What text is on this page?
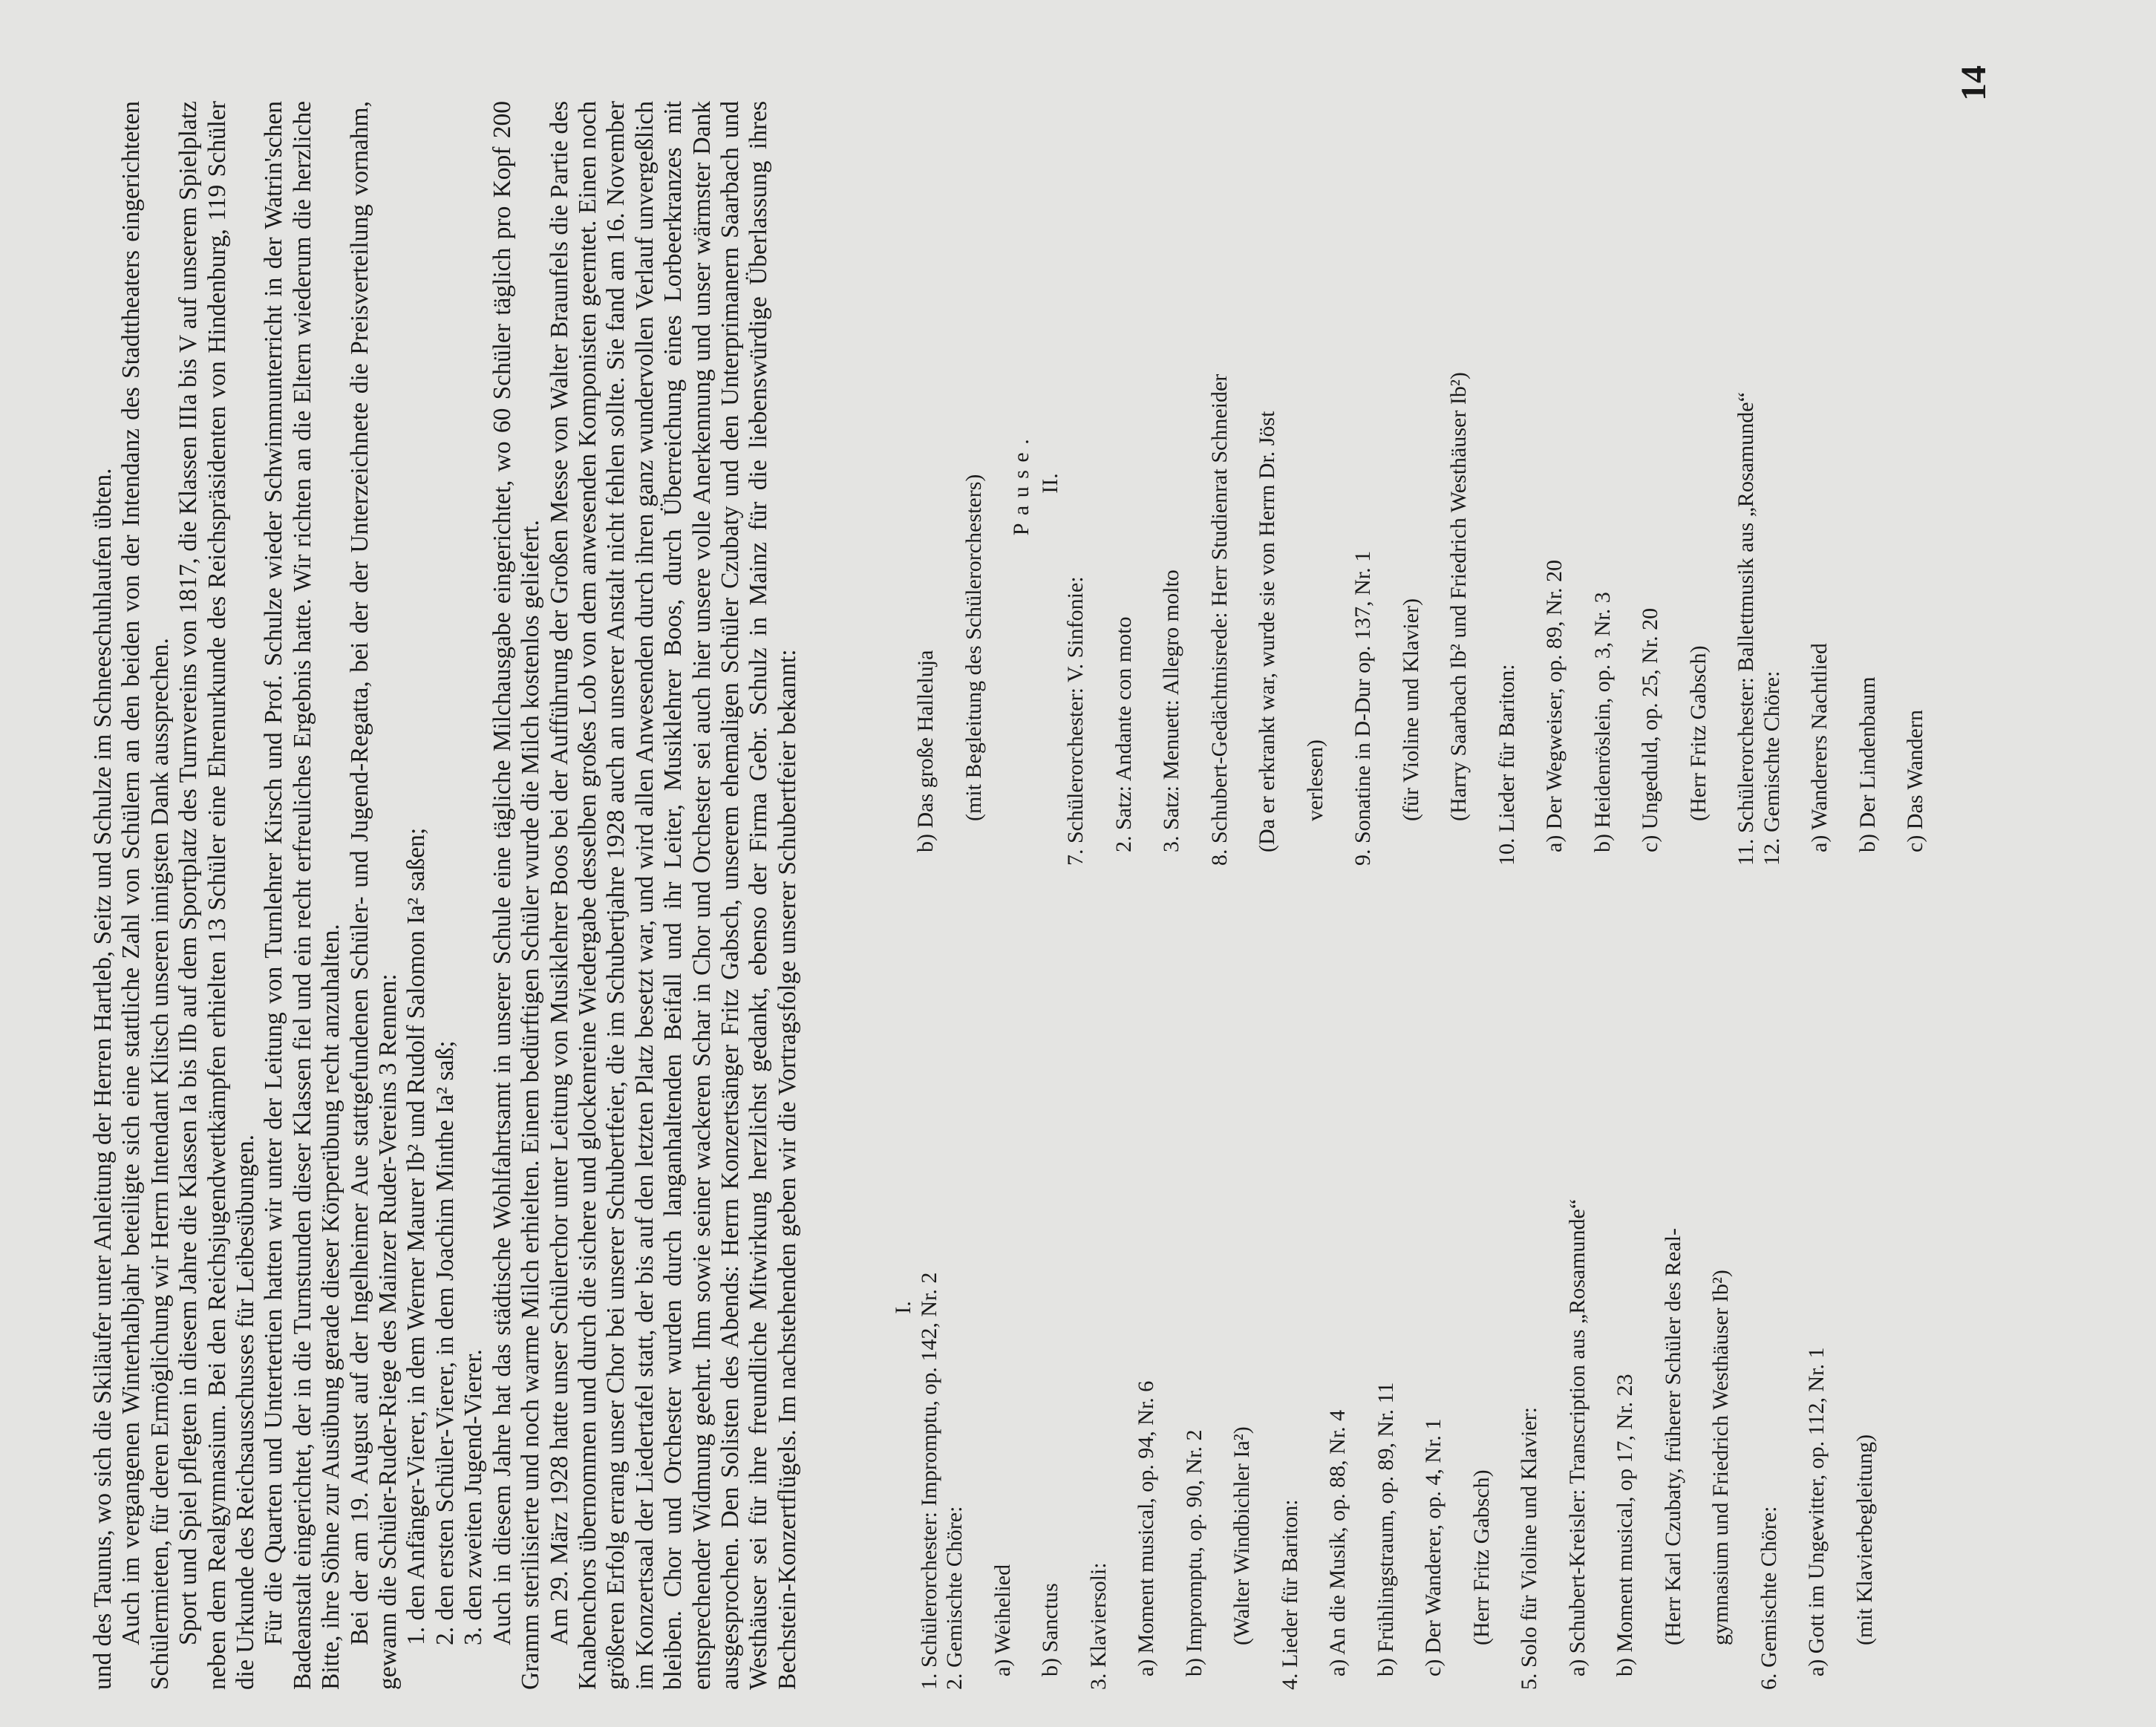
und des Taunus, wo sich die Skiläufer unter Anleitung der Herren Hartleb, Seitz und Schulze im Schneeschuhlaufen übten. Auch im vergangenen Winterhalbjahr beteiligte sich eine stattliche Zahl von Schülern an den beiden von der Intendanz des Stadttheaters eingerichteten Schülermieten, für deren Ermöglichung wir Herrn Intendant Klitsch unseren innigsten Dank aussprechen. Sport und Spiel pflegten in diesem Jahre die Klassen Ia bis IIb auf dem Sportplatz des Turnvereins von 1817, die Klassen IIIa bis V auf unserem Spielplatz neben dem Realgymnasium. Bei den Reichsjugendwettkämpfen erhielten 13 Schüler eine Ehrenurkunde des Reichspräsidenten von Hindenburg, 119 Schüler die Urkunde des Reichsausschusses für Leibesübungen. Für die Quarten und Untertertien hatten wir unter der Leitung von Turnlehrer Kirsch und Prof. Schulze wieder Schwimmunterricht in der Watrin'schen Badeanstalt eingerichtet, der in die Turnstunden dieser Klassen fiel und ein recht erfreuliches Ergebnis hatte. Wir richten an die Eltern wiederum die herzliche Bitte, ihre Söhne zur Ausübung gerade dieser Körperübung recht anzuhalten. Bei der am 19. August auf der Ingelheimer Aue stattgefundenen Schüler- und Jugend-Regatta, bei der der Unterzeichnete die Preisverteilung vornahm, gewann die Schüler-Ruder-Riege des Mainzer Ruder-Vereins 3 Rennen: 1. den Anfänger-Vierer, in dem Werner Maurer Ib² und Rudolf Salomon Ia² saßen; 2. den ersten Schüler-Vierer, in dem Joachim Minthe Ia² saß; 3. den zweiten Jugend-Vierer. Auch in diesem Jahre hat das städtische Wohlfahrtsamt in unserer Schule eine tägliche Milchausgabe eingerichtet, wo 60 Schüler täglich pro Kopf 200 Gramm sterilisierte und noch warme Milch erhielten. Einem bedürftigen Schüler wurde die Milch kostenlos geliefert. Am 29. März 1928 hatte unser Schülerchor unter Leitung von Musiklehrer Boos bei der Aufführung der Großen Messe von Walter Braunfels die Partie des Knabenchors übernommen und durch die sichere und glockenreine Wiedergabe desselben großes Lob von dem anwesenden Komponisten geerntet. Einen noch größeren Erfolg errang unser Chor bei unserer Schubertfeier, die im Schubertjahre 1928 auch an unserer Anstalt nicht fehlen sollte. Sie fand am 16. November im Konzertsaal der Liedertafel statt, der bis auf den letzten Platz besetzt war, und wird allen Anwesenden durch ihren ganz wundervollen Verlauf unvergeßlich bleiben. Chor und Orchester wurden durch langanhaltenden Beifall und ihr Leiter, Musiklehrer Boos, durch Überreichung eines Lorbeerkranzes mit entsprechender Widmung geehrt. Ihm sowie seiner wackeren Schar in Chor und Orchester sei auch hier unsere volle Anerkennung und unser wärmster Dank ausgesprochen. Den Solisten des Abends: Herrn Konzertsänger Fritz Gabsch, unserem ehemaligen Schüler Czubaty und den Unterprimanern Saarbach und Westhäuser sei für ihre freundliche Mitwirkung herzlichst gedankt, ebenso der Firma Gebr. Schulz in Mainz für die liebenswürdige Überlassung ihres Bechstein-Konzertflügels. Im nachstehenden geben wir die Vortragsfolge unserer Schubertfeier bekannt:	I. 1. Schülerorchester: Impromptu, op. 142, Nr. 2 2. Gemischte Chöre: a) Weihelied b) Sanctus 3. Klaviersoli: a) Moment musical, op. 94, Nr. 6 b) Impromptu, op. 90, Nr. 2 (Walter Windbichler Ia²) 4. Lieder für Bariton: a) An die Musik, op. 88, Nr. 4 b) Frühlingstraum, op. 89, Nr. 11 c) Der Wanderer, op. 4, Nr. 1 (Herr Fritz Gabsch) 5. Solo für Violine und Klavier: a) Schubert-Kreisler: Transcription aus „Rosamunde“ b) Moment musical, op 17, Nr. 23 (Herr Karl Czubaty, früherer Schüler des Real- gymnasium und Friedrich Westhäuser Ib²) 6. Gemischte Chöre: a) Gott im Ungewitter, op. 112, Nr. 1 (mit Klavierbegleitung)

b) Das große Halleluja (mit Begleitung des Schülerorchesters) Pause. II.

7. Schülerorchester: V. Sinfonie: 2. Satz: Andante con moto 3. Satz: Menuett: Allegro molto 8. Schubert-Gedächtnisrede: Herr Studienrat Schneider (Da er erkrankt war, wurde sie von Herrn Dr. Jöst verlesen) 9. Sonatine in D-Dur op. 137, Nr. 1 (für Violine und Klavier) (Harry Saarbach Ib² und Friedrich Westhäuser Ib²) 10. Lieder für Bariton: a) Der Wegweiser, op. 89, Nr. 20 b) Heidenröslein, op. 3, Nr. 3 c) Ungeduld, op. 25, Nr. 20 (Herr Fritz Gabsch) 11. Schülerorchester: Ballettmusik aus „Rosamunde“ 12. Gemischte Chöre: a) Wanderers Nachtlied b) Der Lindenbaum c) Das Wandern

14
